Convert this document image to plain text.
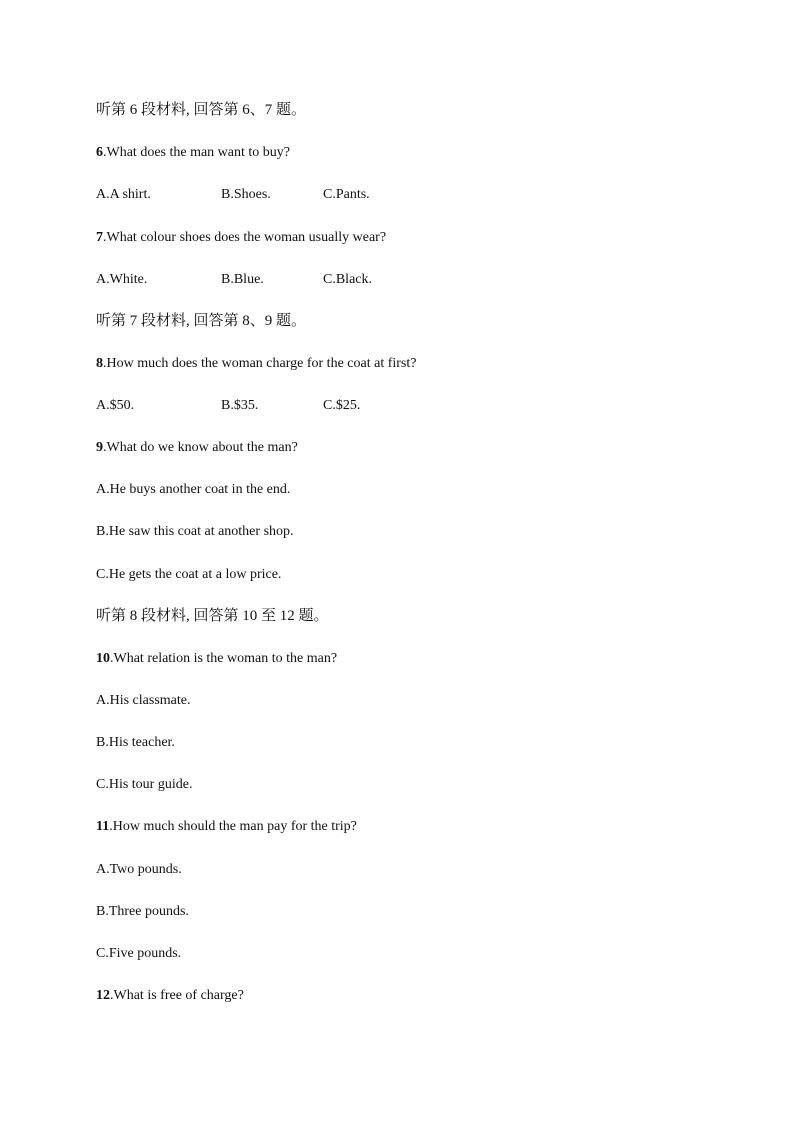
听第 6 段材料, 回答第 6、7 题。
6.What does the man want to buy?
A.A shirt.	B.Shoes.	C.Pants.
7.What colour shoes does the woman usually wear?
A.White.	B.Blue.	C.Black.
听第 7 段材料, 回答第 8、9 题。
8.How much does the woman charge for the coat at first?
A.$50.	B.$35.	C.$25.
9.What do we know about the man?
A.He buys another coat in the end.
B.He saw this coat at another shop.
C.He gets the coat at a low price.
听第 8 段材料, 回答第 10 至 12 题。
10.What relation is the woman to the man?
A.His classmate.
B.His teacher.
C.His tour guide.
11.How much should the man pay for the trip?
A.Two pounds.
B.Three pounds.
C.Five pounds.
12.What is free of charge?
